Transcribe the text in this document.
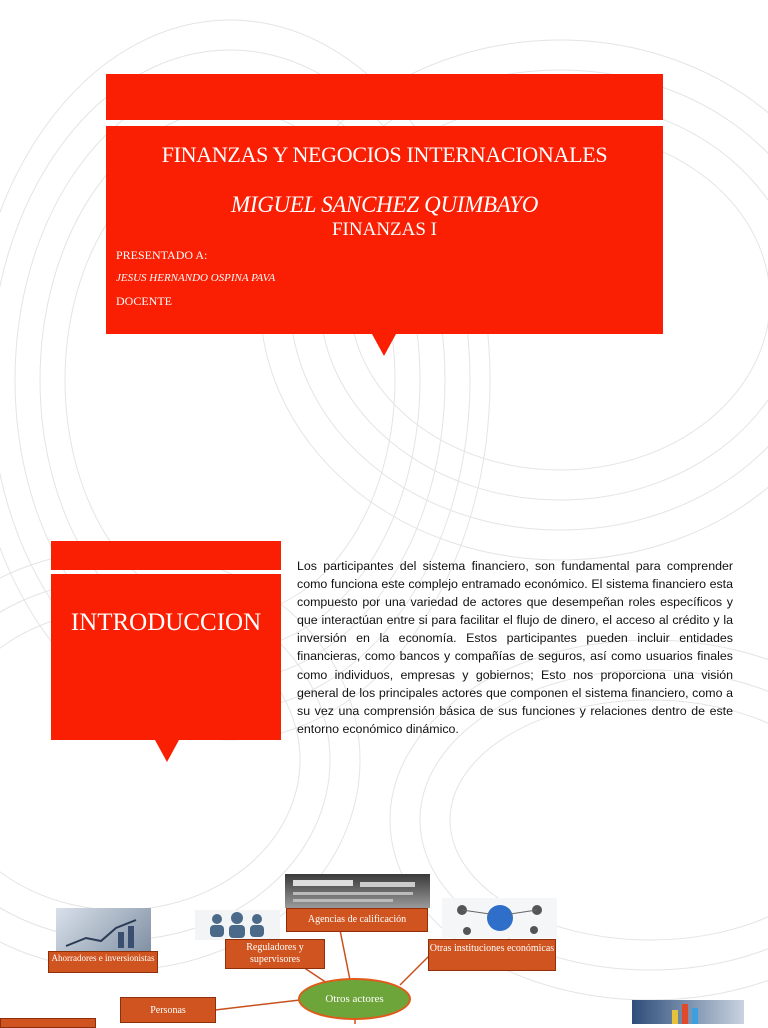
FINANZAS Y NEGOCIOS INTERNACIONALES
MIGUEL SANCHEZ QUIMBAYO
FINANZAS I
PRESENTADO A:
JESUS HERNANDO OSPINA PAVA
DOCENTE
INTRODUCCION
Los participantes del sistema financiero, son fundamental para comprender como funciona este complejo entramado económico. El sistema financiero esta compuesto por una variedad de actores que desempeñan roles específicos y que interactúan entre si para facilitar el flujo de dinero, el acceso al crédito y la inversión en la economía. Estos participantes pueden incluir entidades financieras, como bancos y compañías de seguros, así como usuarios finales como individuos, empresas y gobiernos; Esto nos proporciona una visión general de los principales actores que componen el sistema financiero, como a su vez una comprensión básica de sus funciones y relaciones dentro de este entorno económico dinámico.
Ahorradores e inversionistas
Agencias de calificación
Reguladores y supervisores
Otras instituciones económicas
Otros actores
Personas
